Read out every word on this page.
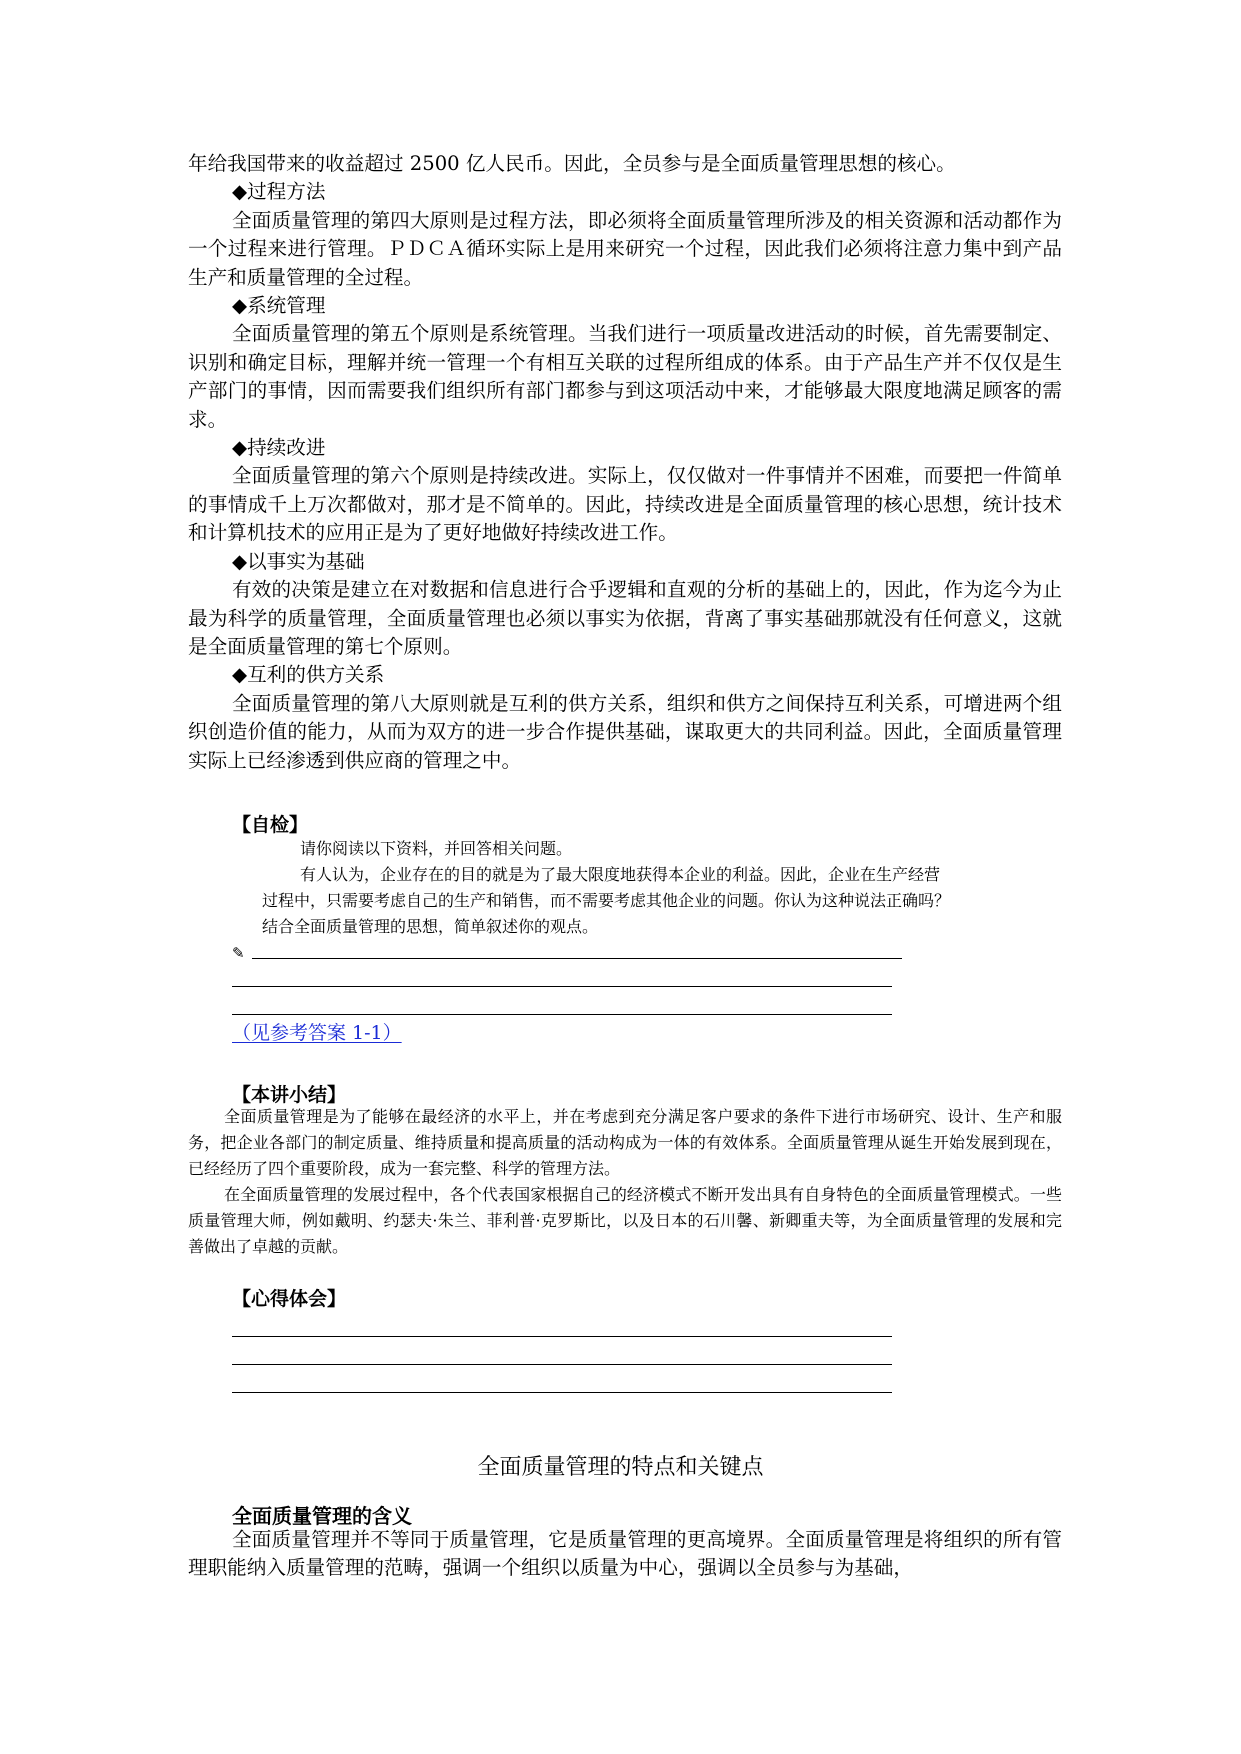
年给我国带来的收益超过 2500 亿人民币。因此，全员参与是全面质量管理思想的核心。

◆过程方法

全面质量管理的第四大原则是过程方法，即必须将全面质量管理所涉及的相关资源和活动都作为一个过程来进行管理。ＰＤＣＡ循环实际上是用来研究一个过程，因此我们必须将注意力集中到产品生产和质量管理的全过程。

◆系统管理

全面质量管理的第五个原则是系统管理。当我们进行一项质量改进活动的时候，首先需要制定、识别和确定目标，理解并统一管理一个有相互关联的过程所组成的体系。由于产品生产并不仅仅是生产部门的事情，因而需要我们组织所有部门都参与到这项活动中来，才能够最大限度地满足顾客的需求。

◆持续改进

全面质量管理的第六个原则是持续改进。实际上，仅仅做对一件事情并不困难，而要把一件简单的事情成千上万次都做对，那才是不简单的。因此，持续改进是全面质量管理的核心思想，统计技术和计算机技术的应用正是为了更好地做好持续改进工作。

◆以事实为基础

有效的决策是建立在对数据和信息进行合乎逻辑和直观的分析的基础上的，因此，作为迄今为止最为科学的质量管理，全面质量管理也必须以事实为依据，背离了事实基础那就没有任何意义，这就是全面质量管理的第七个原则。

◆互利的供方关系

全面质量管理的第八大原则就是互利的供方关系，组织和供方之间保持互利关系，可增进两个组织创造价值的能力，从而为双方的进一步合作提供基础，谋取更大的共同利益。因此，全面质量管理实际上已经渗透到供应商的管理之中。

【自检】

请你阅读以下资料，并回答相关问题。

有人认为，企业存在的目的就是为了最大限度地获得本企业的利益。因此，企业在生产经营

过程中，只需要考虑自己的生产和销售，而不需要考虑其他企业的问题。你认为这种说法正确吗？

结合全面质量管理的思想，简单叙述你的观点。

✎
（见参考答案 1-1）
【本讲小结】

全面质量管理是为了能够在最经济的水平上，并在考虑到充分满足客户要求的条件下进行市场研究、设计、生产和服务，把企业各部门的制定质量、维持质量和提高质量的活动构成为一体的有效体系。全面质量管理从诞生开始发展到现在，已经经历了四个重要阶段，成为一套完整、科学的管理方法。

在全面质量管理的发展过程中，各个代表国家根据自己的经济模式不断开发出具有自身特色的全面质量管理模式。一些质量管理大师，例如戴明、约瑟夫·朱兰、菲利普·克罗斯比，以及日本的石川馨、新卿重夫等，为全面质量管理的发展和完善做出了卓越的贡献。

【心得体会】
全面质量管理的特点和关键点
全面质量管理的含义

全面质量管理并不等同于质量管理，它是质量管理的更高境界。全面质量管理是将组织的所有管理职能纳入质量管理的范畴，强调一个组织以质量为中心，强调以全员参与为基础，
